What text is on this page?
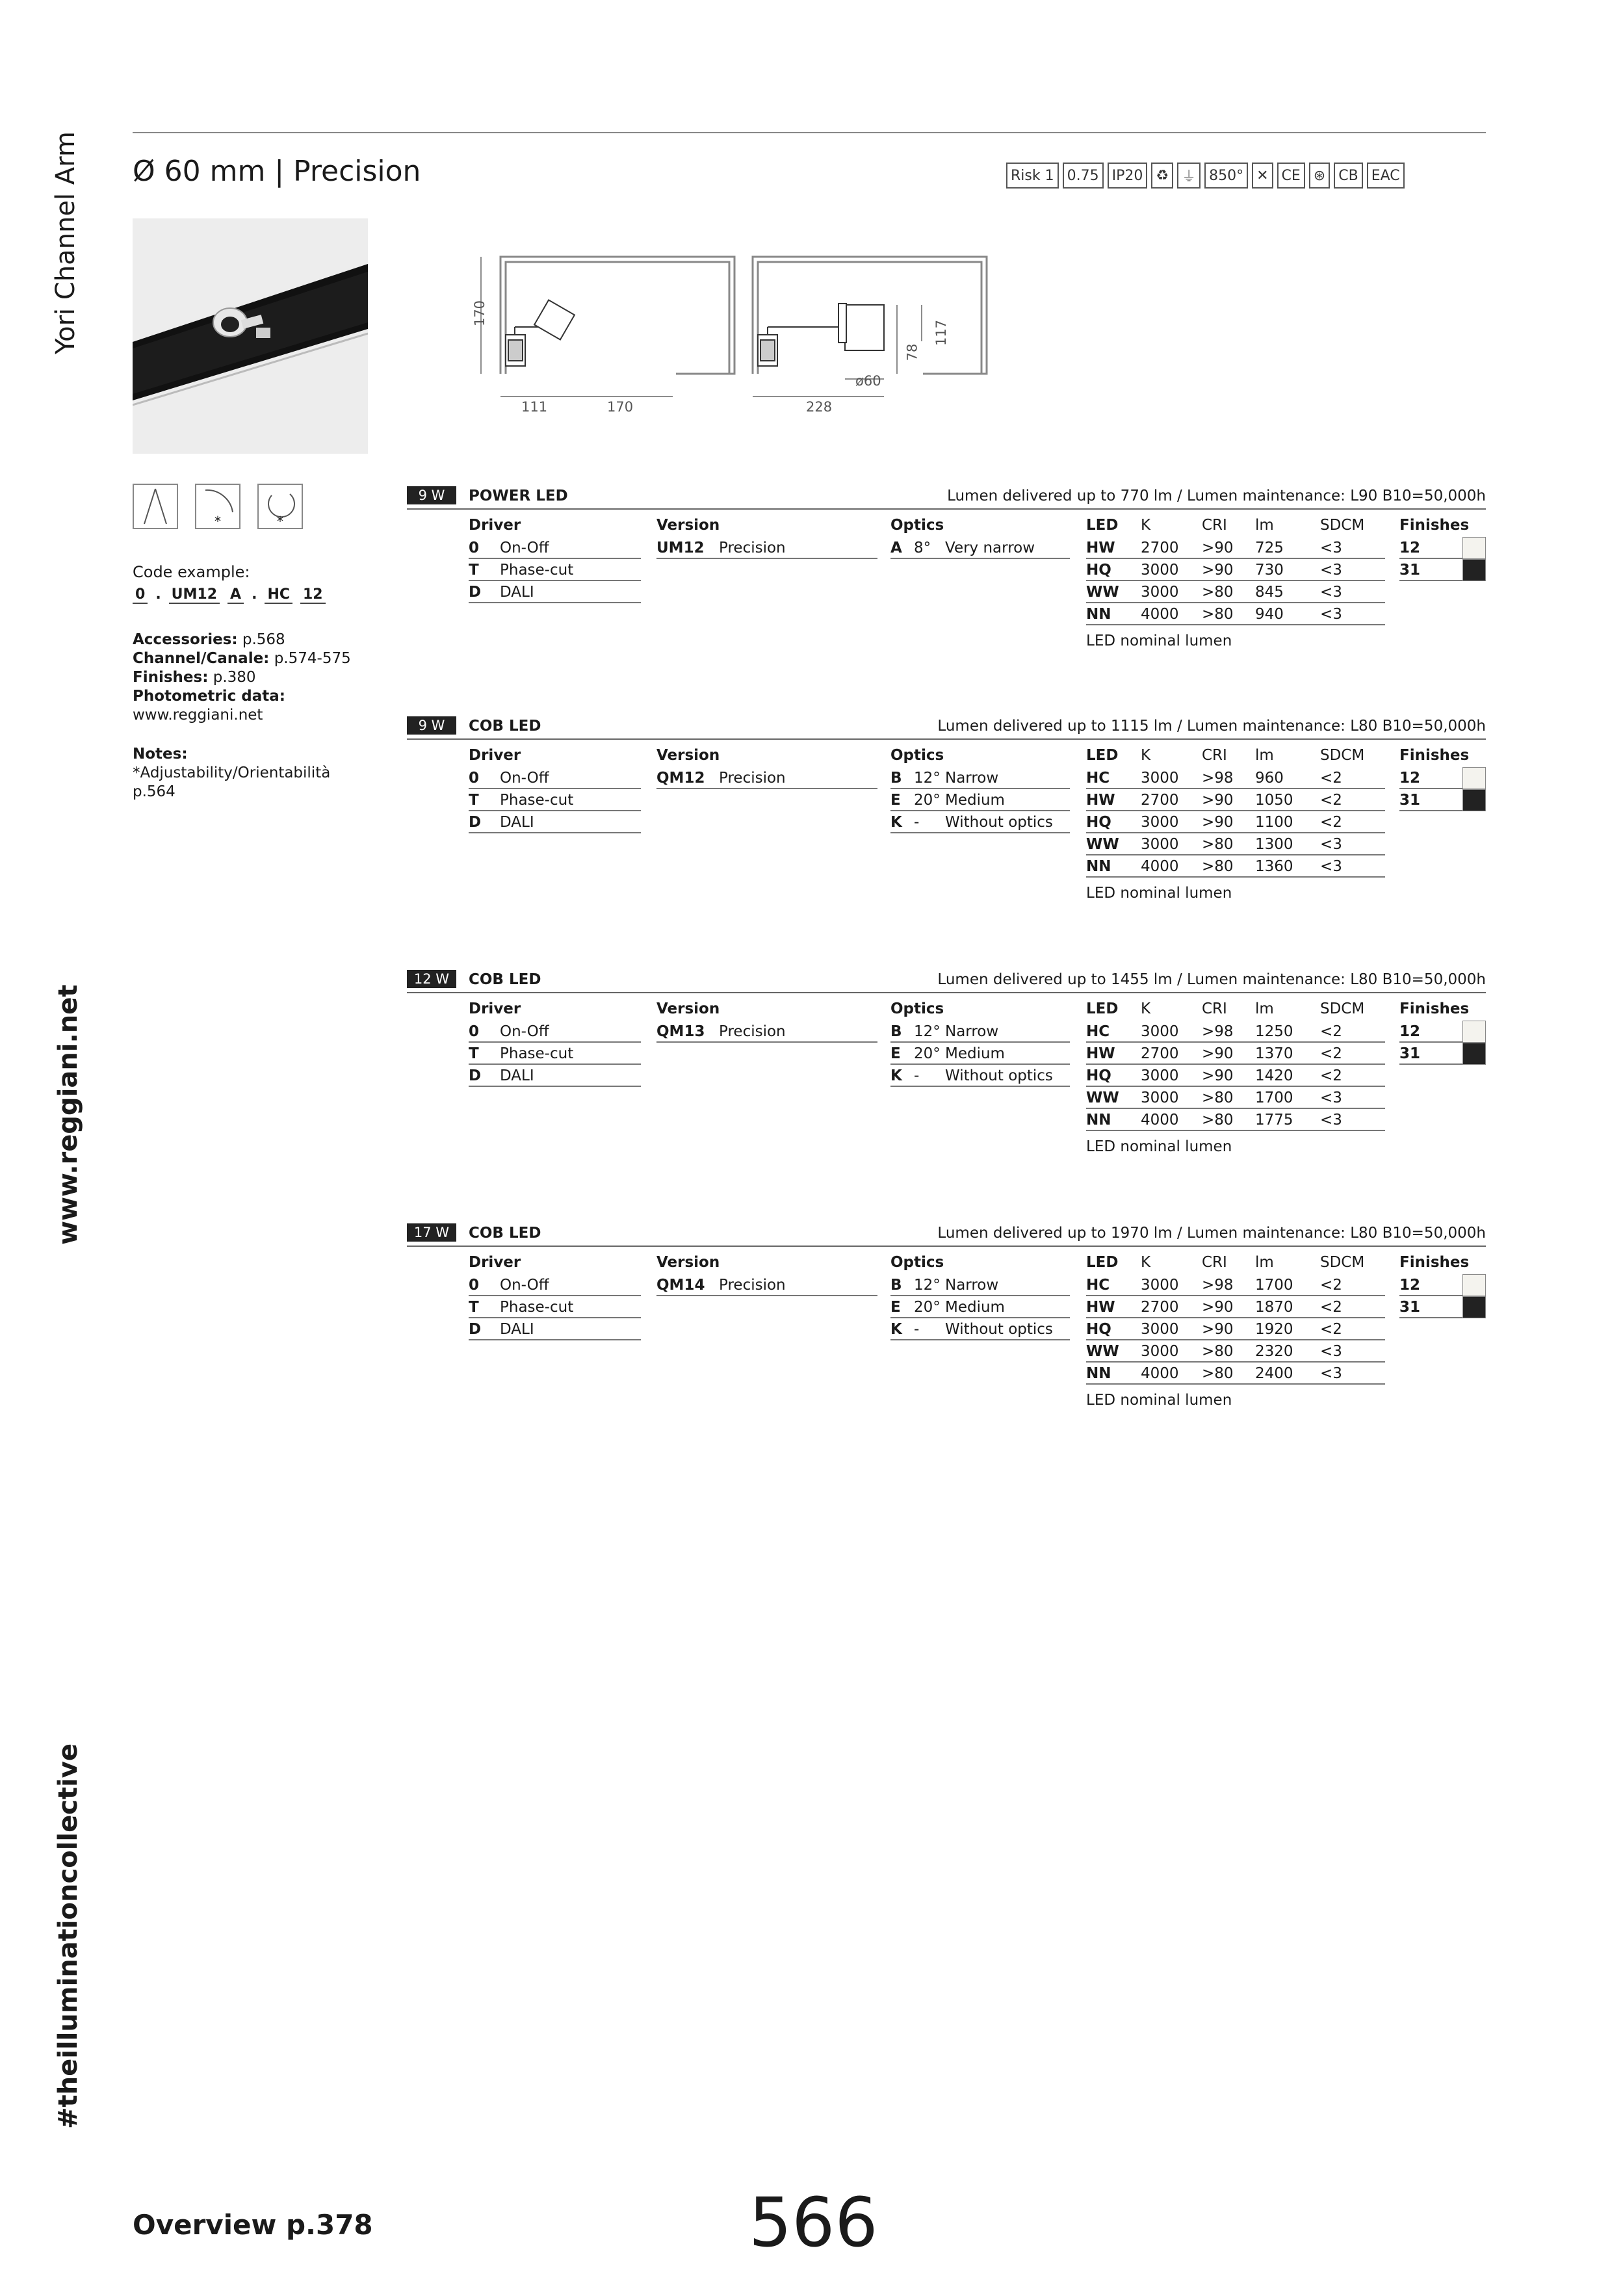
Yori Channel Arm
www.reggiani.net
#theilluminationcollective
Ø 60 mm | Precision	Risk 1 0.75 IP20 ♻ ⏚ 850° ✕ CE ⊛ CB EAC
170
111	170	228
ø60
78
117
*	*
Code example:
0 . UM12 A . HC 12
Accessories: p.568
Channel/Canale: p.574-575
Finishes: p.380
Photometric data:
www.reggiani.net
Notes:
*Adjustability/Orientabilità
p.564
9 W	POWER LED	Lumen delivered up to 770 lm / Lumen maintenance: L90 B10=50,000h
Driver
0 On-Off
T Phase-cut
D DALI
Version
UM12 Precision
Optics
A 8° Very narrow
LED K	CRI lm	SDCM
HW 2700 >90 725 <3
HQ 3000 >90 730 <3
WW 3000 >80 845 <3
NN 4000 >80 940 <3
LED nominal lumen
Finishes
12
31
9 W	COB LED	Lumen delivered up to 1115 lm / Lumen maintenance: L80 B10=50,000h
Driver
0 On-Off
T Phase-cut
D DALI
Version
QM12 Precision
Optics
B 12° Narrow
E 20° Medium
K - Without optics
LED K	CRI lm	SDCM
HC 3000 >98 960 <2
HW 2700 >90 1050 <2
HQ 3000 >90 1100 <2
WW 3000 >80 1300 <3
NN 4000 >80 1360 <3
LED nominal lumen
Finishes
12
31
12 W	COB LED	Lumen delivered up to 1455 lm / Lumen maintenance: L80 B10=50,000h
Driver
0 On-Off
T Phase-cut
D DALI
Version
QM13 Precision
Optics
B 12° Narrow
E 20° Medium
K - Without optics
LED K	CRI lm	SDCM
HC 3000 >98 1250 <2
HW 2700 >90 1370 <2
HQ 3000 >90 1420 <2
WW 3000 >80 1700 <3
NN 4000 >80 1775 <3
LED nominal lumen
Finishes
12
31
17 W	COB LED	Lumen delivered up to 1970 lm / Lumen maintenance: L80 B10=50,000h
Driver
0 On-Off
T Phase-cut
D DALI
Version
QM14 Precision
Optics
B 12° Narrow
E 20° Medium
K - Without optics
LED K	CRI lm	SDCM
HC 3000 >98 1700 <2
HW 2700 >90 1870 <2
HQ 3000 >90 1920 <2
WW 3000 >80 2320 <3
NN 4000 >80 2400 <3
LED nominal lumen
Finishes
12
31
Overview p.378	566
